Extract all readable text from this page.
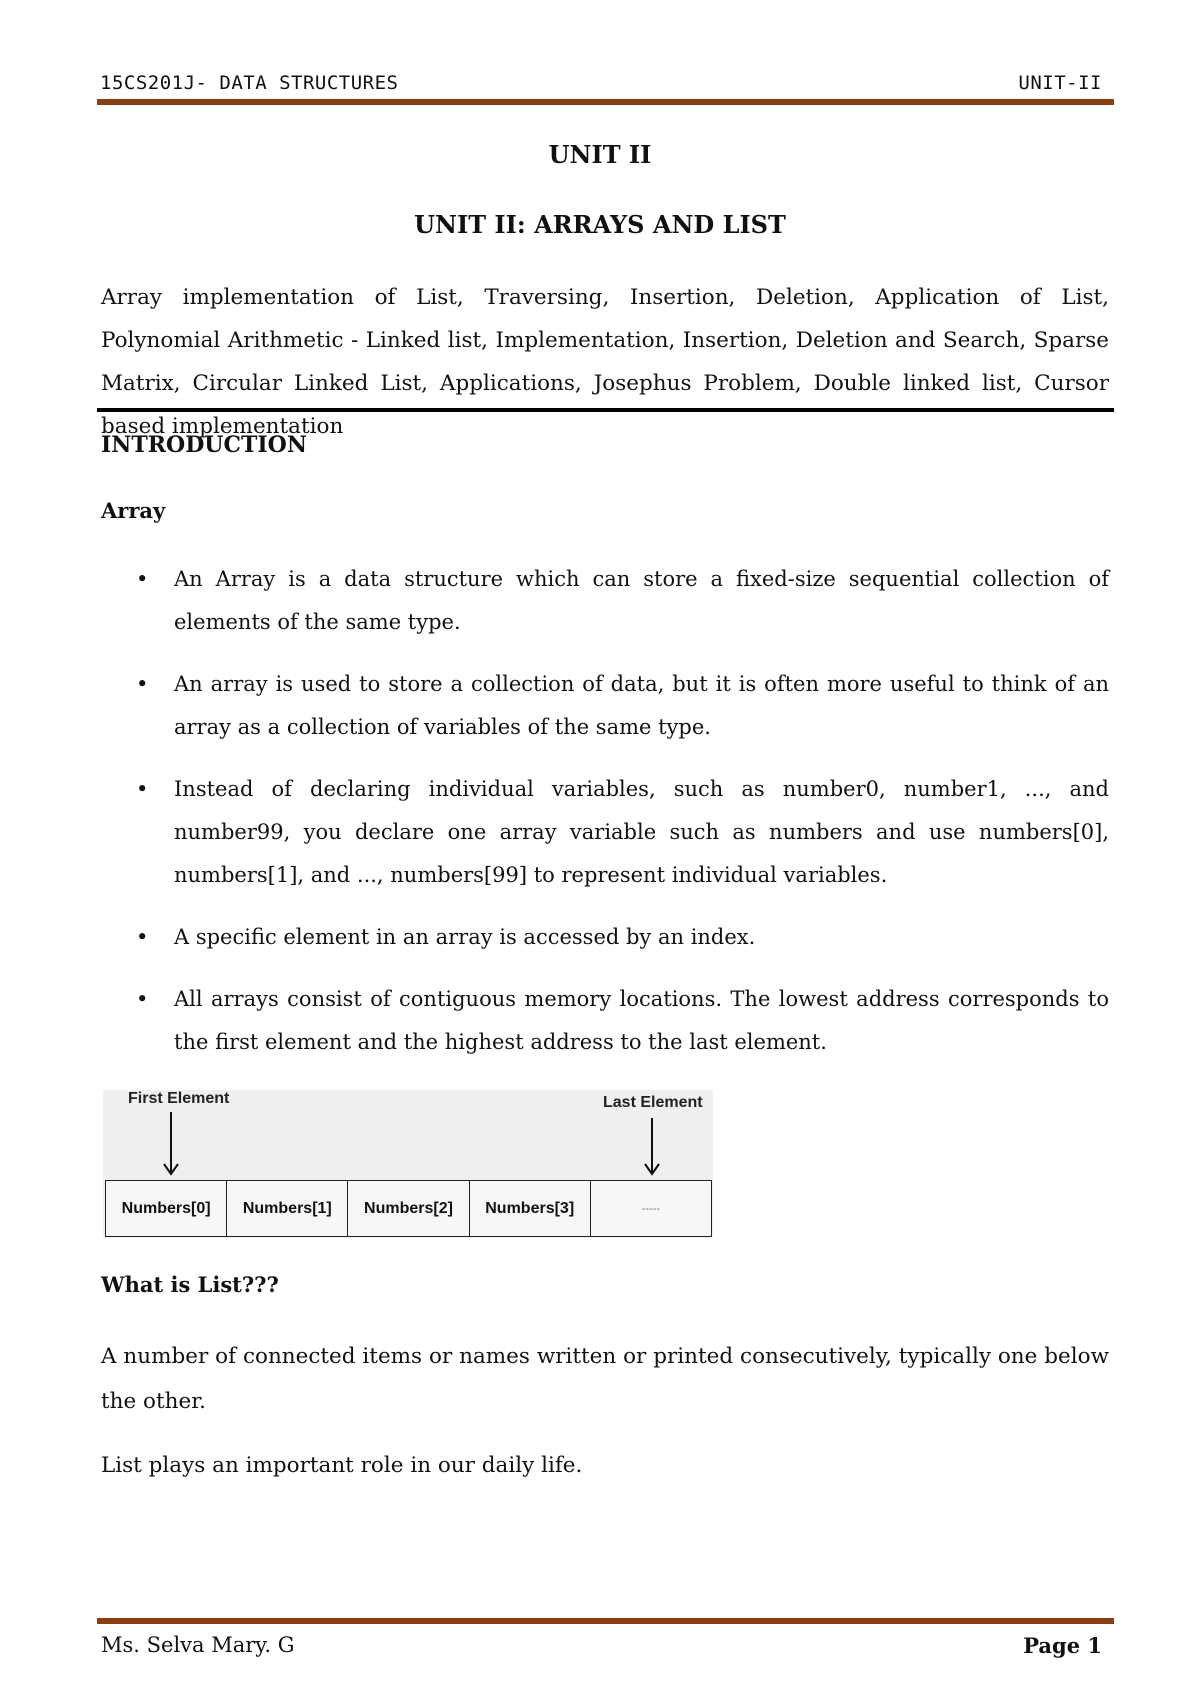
15CS201J- DATA STRUCTURES	UNIT-II
UNIT II
UNIT II: ARRAYS AND LIST
Array implementation of List, Traversing, Insertion, Deletion, Application of List, Polynomial Arithmetic - Linked list, Implementation, Insertion, Deletion and Search, Sparse Matrix, Circular Linked List, Applications, Josephus Problem, Double linked list, Cursor based implementation
INTRODUCTION
Array
• An Array is a data structure which can store a fixed-size sequential collection of elements of the same type.
• An array is used to store a collection of data, but it is often more useful to think of an array as a collection of variables of the same type.
• Instead of declaring individual variables, such as number0, number1, ..., and number99, you declare one array variable such as numbers and use numbers[0], numbers[1], and ..., numbers[99] to represent individual variables.
• A specific element in an array is accessed by an index.
• All arrays consist of contiguous memory locations. The lowest address corresponds to the first element and the highest address to the last element.
First Element	Last Element
Numbers[0]	Numbers[1]	Numbers[2]	Numbers[3]	-----
What is List???
A number of connected items or names written or printed consecutively, typically one below the other.
List plays an important role in our daily life.
Ms. Selva Mary. G	Page 1
